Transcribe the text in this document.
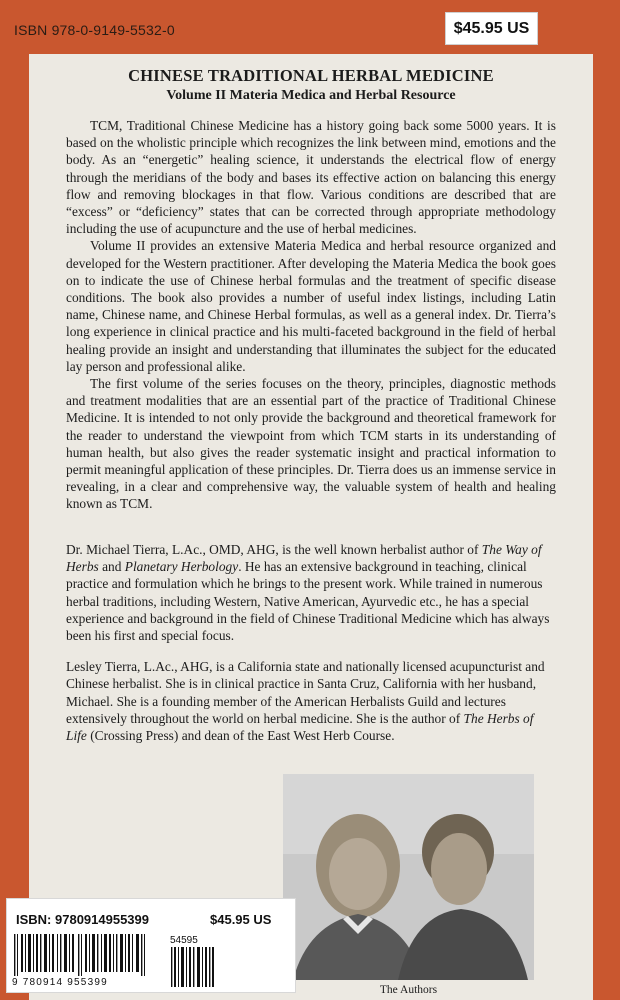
ISBN 978-0-9149-5532-0	$45.95 US
CHINESE TRADITIONAL HERBAL MEDICINE
Volume II Materia Medica and Herbal Resource

TCM, Traditional Chinese Medicine has a history going back some 5000 years. It is based on the wholistic principle which recognizes the link between mind, emotions and the body. As an “energetic” healing science, it understands the electrical flow of energy through the meridians of the body and bases its effective action on balancing this energy flow and removing blockages in that flow. Various conditions are described that are “excess” or “deficiency” states that can be corrected through appropriate methodology including the use of acupuncture and the use of herbal medicines.

Volume II provides an extensive Materia Medica and herbal resource organized and developed for the Western practitioner. After developing the Materia Medica the book goes on to indicate the use of Chinese herbal formulas and the treatment of specific disease conditions. The book also provides a number of useful index listings, including Latin name, Chinese name, and Chinese Herbal formulas, as well as a general index. Dr. Tierra’s long experience in clinical practice and his multi-faceted background in the field of herbal healing provide an insight and understanding that illuminates the subject for the educated lay person and professional alike.

The first volume of the series focuses on the theory, principles, diagnostic methods and treatment modalities that are an essential part of the practice of Traditional Chinese Medicine. It is intended to not only provide the background and theoretical framework for the reader to understand the viewpoint from which TCM starts in its understanding of human health, but also gives the reader systematic insight and practical information to permit meaningful application of these principles. Dr. Tierra does us an immense service in revealing, in a clear and comprehensive way, the valuable system of health and healing known as TCM.

Dr. Michael Tierra, L.Ac., OMD, AHG, is the well known herbalist author of The Way of Herbs and Planetary Herbology. He has an extensive background in teaching, clinical practice and formulation which he brings to the present work. While trained in numerous herbal traditions, including Western, Native American, Ayurvedic etc., he has a special experience and background in the field of Chinese Traditional Medicine which has always been his first and special focus.

Lesley Tierra, L.Ac., AHG, is a California state and nationally licensed acupuncturist and Chinese herbalist. She is in clinical practice in Santa Cruz, California with her husband, Michael. She is a founding member of the American Herbalists Guild and lectures extensively throughout the world on herbal medicine. She is the author of The Herbs of Life (Crossing Press) and dean of the East West Herb Course.

The Authors
ISBN: 9780914955399	$45.95 US
9 780914 955399
54595
